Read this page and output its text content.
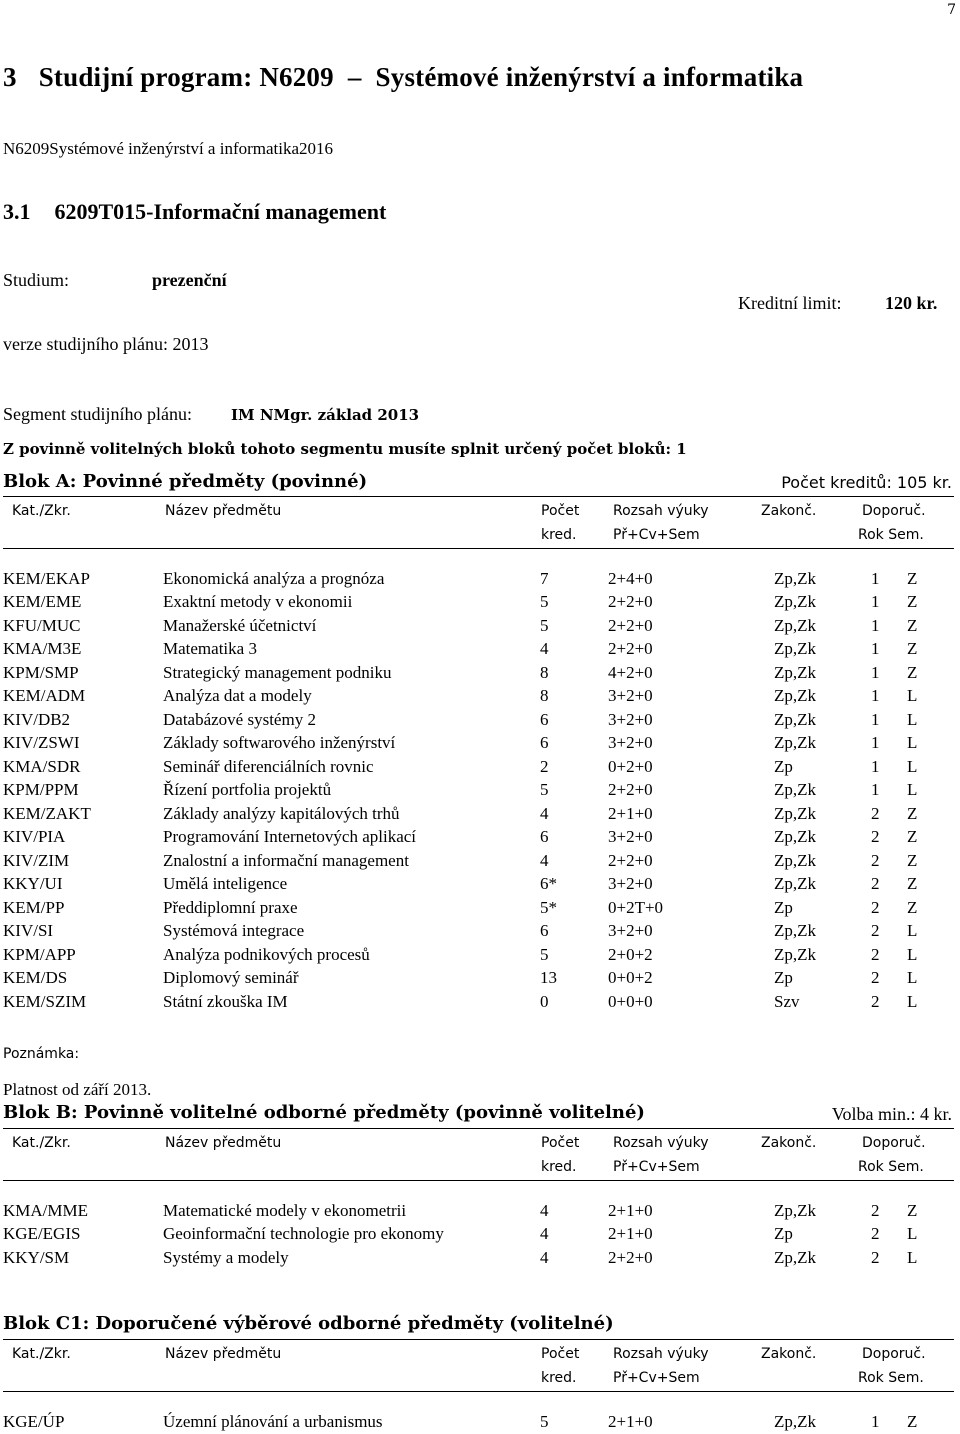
7
3 Studijní program: N6209 – Systémové inženýrství a informatika
N6209Systémové inženýrství a informatika2016
3.1 6209T015-Informační management
Studium:	prezenční
Kreditní limit: 120 kr.
verze studijního plánu: 2013
Segment studijního plánu:	IM NMgr. základ 2013
Z povinně volitelných bloků tohoto segmentu musíte splnit určený počet bloků: 1
Blok A: Povinné předměty (povinné)	Počet kreditů: 105 kr.
Kat./Zkr.	Název předmětu	Počet
kred.
Rozsah výuky
Př+Cv+Sem
Zakonč.	Doporuč.
Rok Sem.
KEM/EKAP	Ekonomická analýza a prognóza	7	2+4+0	Zp,Zk	1	Z
KEM/EME	Exaktní metody v ekonomii	5	2+2+0	Zp,Zk	1	Z
KFU/MUC	Manažerské účetnictví	5	2+2+0	Zp,Zk	1	Z
KMA/M3E	Matematika 3	4	2+2+0	Zp,Zk	1	Z
KPM/SMP	Strategický management podniku	8	4+2+0	Zp,Zk	1	Z
KEM/ADM	Analýza dat a modely	8	3+2+0	Zp,Zk	1	L
KIV/DB2	Databázové systémy 2	6	3+2+0	Zp,Zk	1	L
KIV/ZSWI	Základy softwarového inženýrství	6	3+2+0	Zp,Zk	1	L
KMA/SDR	Seminář diferenciálních rovnic	2	0+2+0	Zp	1	L
KPM/PPM	Řízení portfolia projektů	5	2+2+0	Zp,Zk	1	L
KEM/ZAKT	Základy analýzy kapitálových trhů	4	2+1+0	Zp,Zk	2	Z
KIV/PIA	Programování Internetových aplikací	6	3+2+0	Zp,Zk	2	Z
KIV/ZIM	Znalostní a informační management	4	2+2+0	Zp,Zk	2	Z
KKY/UI	Umělá inteligence	6*	3+2+0	Zp,Zk	2	Z
KEM/PP	Předdiplomní praxe	5*	0+2T+0	Zp	2	Z
KIV/SI	Systémová integrace	6	3+2+0	Zp,Zk	2	L
KPM/APP	Analýza podnikových procesů	5	2+0+2	Zp,Zk	2	L
KEM/DS	Diplomový seminář	13	0+0+2	Zp	2	L
KEM/SZIM	Státní zkouška IM	0	0+0+0	Szv	2	L
Poznámka:
Platnost od září 2013.
Blok B: Povinně volitelné odborné předměty (povinně volitelné)	Volba min.: 4 kr.
Kat./Zkr.	Název předmětu	Počet
kred.
Rozsah výuky
Př+Cv+Sem
Zakonč.	Doporuč.
Rok Sem.
KMA/MME	Matematické modely v ekonometrii	4	2+1+0	Zp,Zk	2	Z
KGE/EGIS	Geoinformační technologie pro ekonomy	4	2+1+0	Zp	2	L
KKY/SM	Systémy a modely	4	2+2+0	Zp,Zk	2	L
Blok C1: Doporučené výběrové odborné předměty (volitelné)
Kat./Zkr.	Název předmětu	Počet
kred.
Rozsah výuky
Př+Cv+Sem
Zakonč.	Doporuč.
Rok Sem.
KGE/ÚP	Územní plánování a urbanismus	5	2+1+0	Zp,Zk	1	Z
